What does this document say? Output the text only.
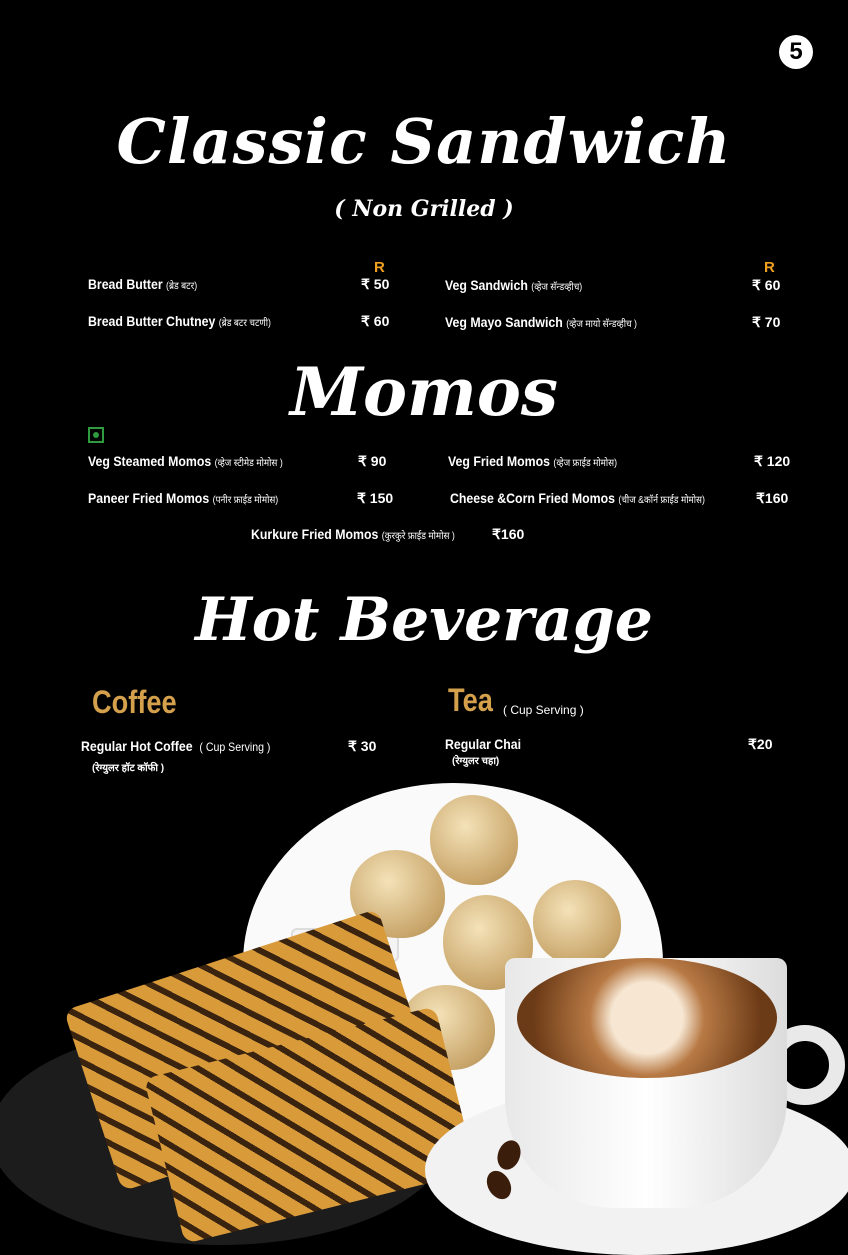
5
Classic Sandwich
( Non Grilled )
R	R
Bread Butter (ब्रेड बटर)	₹ 50
Bread Butter Chutney (ब्रेड बटर चटणी)	₹ 60
Veg Sandwich (व्हेज सॅन्डव्हीच)	₹ 60
Veg Mayo Sandwich (व्हेज मायो सॅन्डव्हीच )	₹ 70
Momos
Veg Steamed Momos (व्हेज स्टीमेड मोमोस )	₹ 90	Veg Fried Momos (व्हेज फ्राईड मोमोस)	₹ 120
Paneer Fried Momos (पनीर फ्राईड मोमोस)	₹ 150	Cheese &Corn Fried Momos (चीज &कॉर्न फ्राईड मोमोस)	₹160
Kurkure Fried Momos (कुरकुरे फ्राईड मोमोस )	₹160
Hot Beverage
Coffee
Regular Hot Coffee ( Cup Serving )
(रेग्युलर हॉट कॉफी )
₹ 30
Tea ( Cup Serving )
Regular Chai
(रेग्युलर चहा)
₹20
